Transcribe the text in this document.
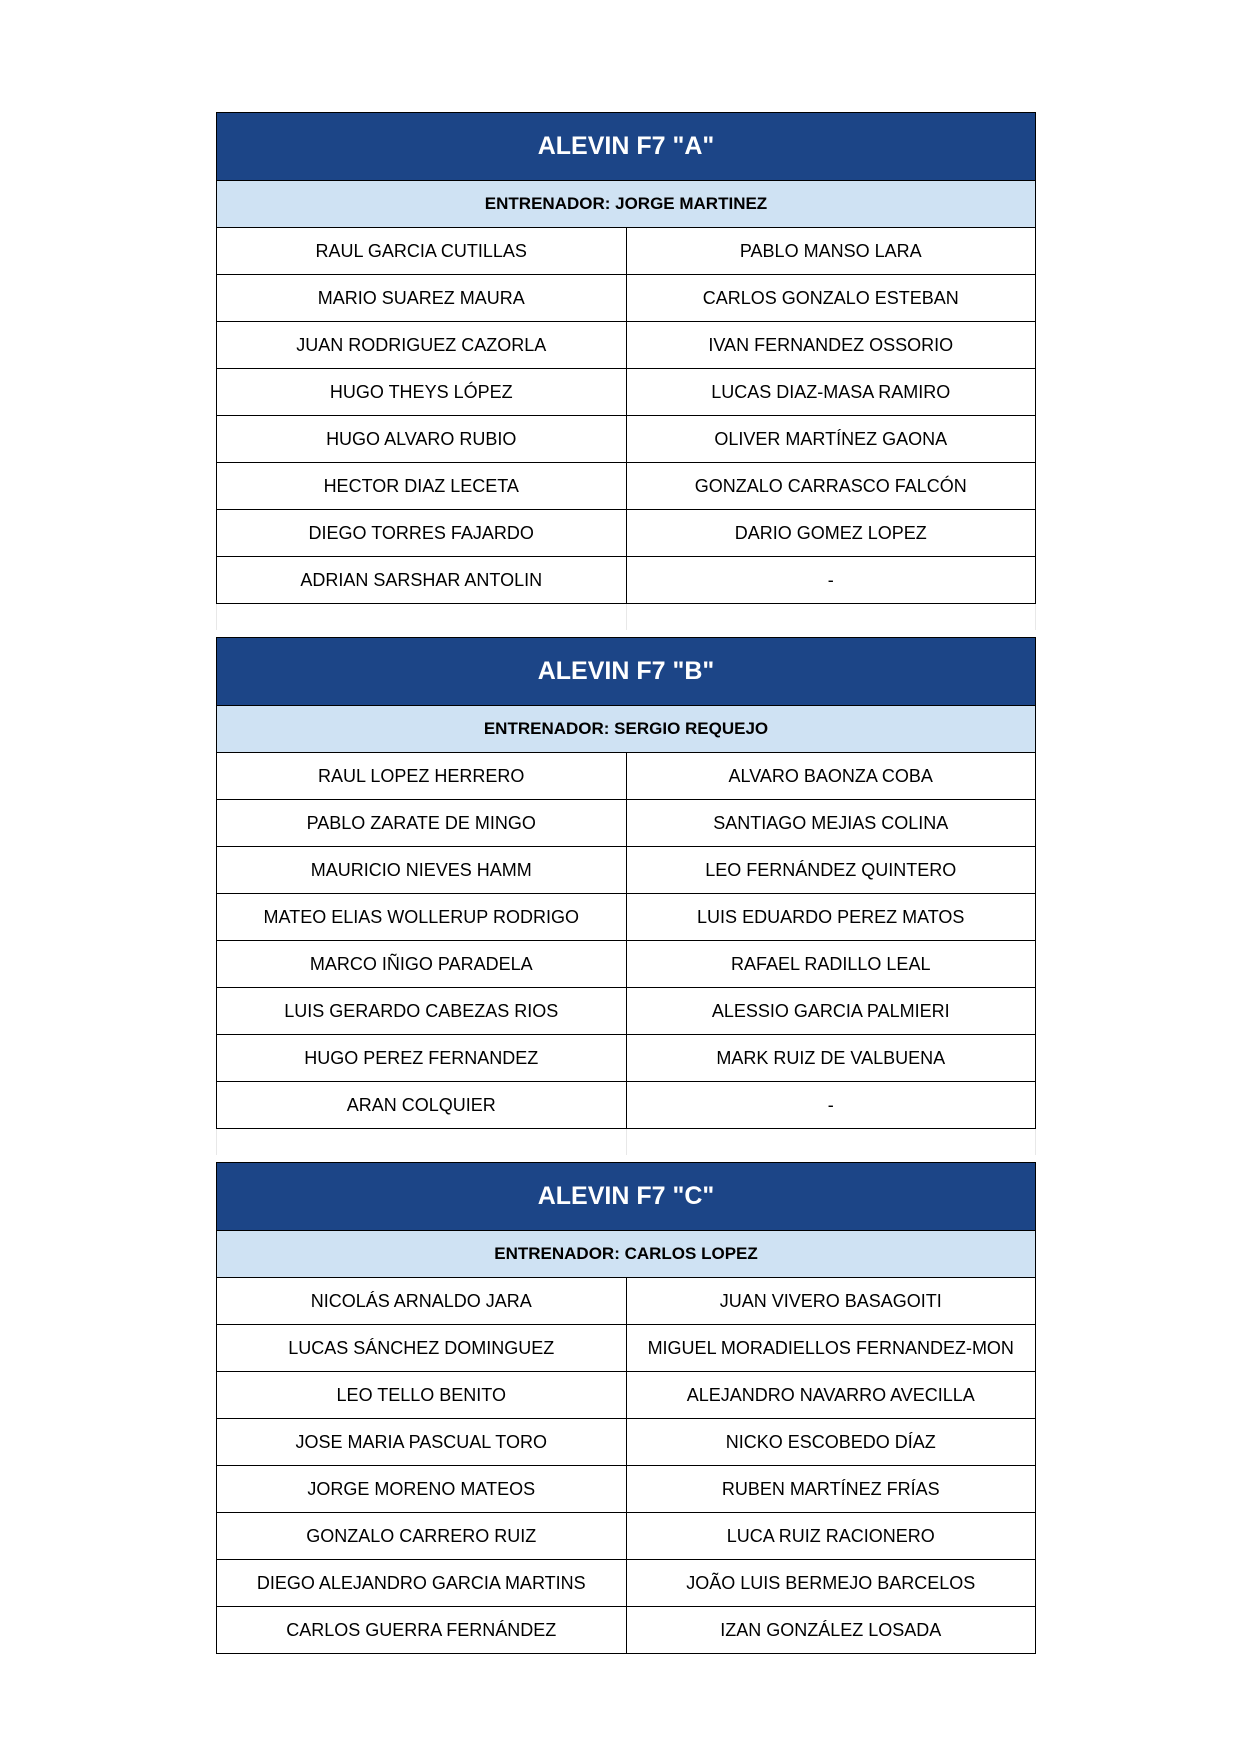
ALEVIN F7 "A"	
ENTRENADOR: JORGE MARTINEZ	
RAUL GARCIA CUTILLAS	PABLO MANSO LARA
MARIO SUAREZ MAURA	CARLOS GONZALO ESTEBAN
JUAN RODRIGUEZ CAZORLA	IVAN FERNANDEZ OSSORIO
HUGO THEYS LÓPEZ	LUCAS DIAZ-MASA RAMIRO
HUGO ALVARO RUBIO	OLIVER MARTÍNEZ GAONA
HECTOR DIAZ LECETA	GONZALO CARRASCO FALCÓN
DIEGO TORRES FAJARDO	DARIO GOMEZ LOPEZ
ADRIAN SARSHAR ANTOLIN	-
ALEVIN F7 "B"	
ENTRENADOR: SERGIO REQUEJO	
RAUL LOPEZ HERRERO	ALVARO BAONZA COBA
PABLO ZARATE DE MINGO	SANTIAGO MEJIAS COLINA
MAURICIO NIEVES HAMM	LEO FERNÁNDEZ QUINTERO
MATEO ELIAS WOLLERUP RODRIGO	LUIS EDUARDO PEREZ MATOS
MARCO IÑIGO PARADELA	RAFAEL RADILLO LEAL
LUIS GERARDO CABEZAS RIOS	ALESSIO GARCIA PALMIERI
HUGO PEREZ FERNANDEZ	MARK RUIZ DE VALBUENA
ARAN COLQUIER	-
ALEVIN F7 "C"	
ENTRENADOR: CARLOS LOPEZ	
NICOLÁS ARNALDO JARA	JUAN VIVERO BASAGOITI
LUCAS SÁNCHEZ DOMINGUEZ	MIGUEL MORADIELLOS FERNANDEZ-MON
LEO TELLO BENITO	ALEJANDRO NAVARRO AVECILLA
JOSE MARIA PASCUAL TORO	NICKO ESCOBEDO DÍAZ
JORGE MORENO MATEOS	RUBEN MARTÍNEZ FRÍAS
GONZALO CARRERO RUIZ	LUCA RUIZ RACIONERO
DIEGO ALEJANDRO GARCIA MARTINS	JOÃO LUIS BERMEJO BARCELOS
CARLOS GUERRA FERNÁNDEZ	IZAN GONZÁLEZ LOSADA
